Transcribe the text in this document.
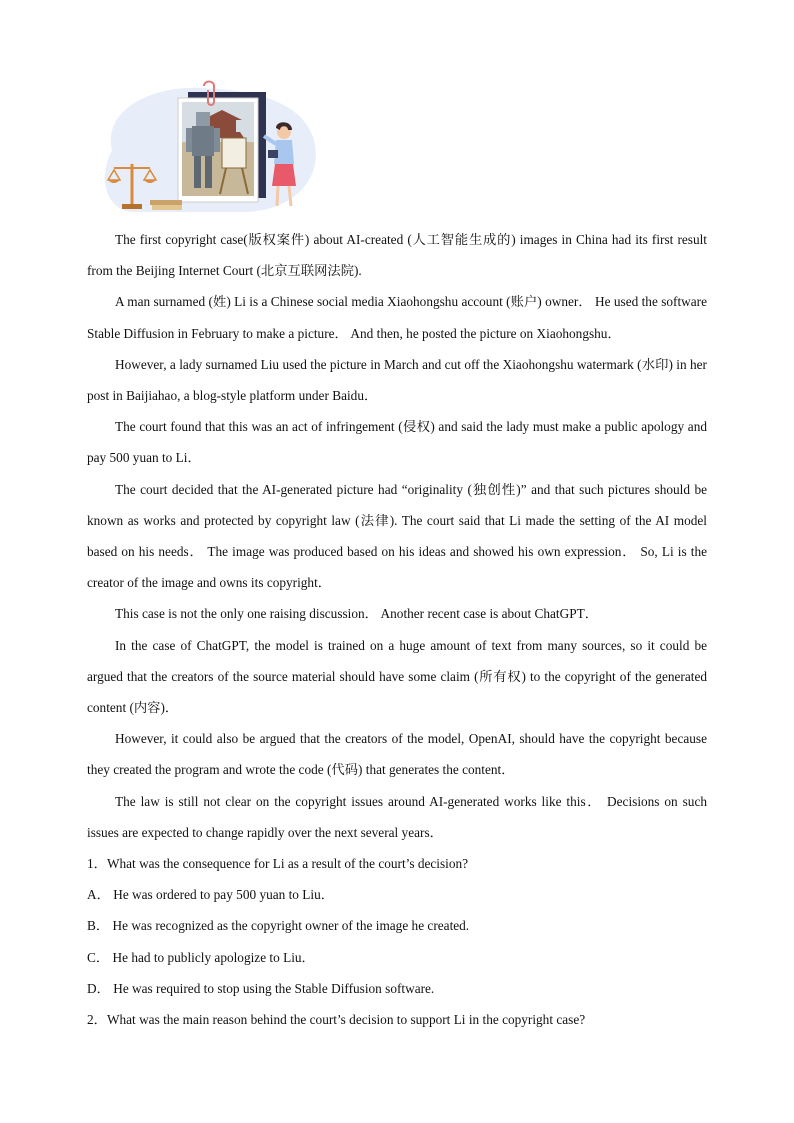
The first copyright case(版权案件) about AI-created (人工智能生成的) images in China had its first result from the Beijing Internet Court (北京互联网法院).

A man surnamed (姓) Li is a Chinese social media Xiaohongshu account (账户) owner． He used the software Stable Diffusion in February to make a picture． And then, he posted the picture on Xiaohongshu．

However, a lady surnamed Liu used the picture in March and cut off the Xiaohongshu watermark (水印) in her post in Baijiahao, a blog-style platform under Baidu．

The court found that this was an act of infringement (侵权) and said the lady must make a public apology and pay 500 yuan to Li．

The court decided that the AI-generated picture had “originality (独创性)” and that such pictures should be known as works and protected by copyright law (法律). The court said that Li made the setting of the AI model based on his needs． The image was produced based on his ideas and showed his own expression． So, Li is the creator of the image and owns its copyright．

This case is not the only one raising discussion． Another recent case is about ChatGPT．

In the case of ChatGPT, the model is trained on a huge amount of text from many sources, so it could be argued that the creators of the source material should have some claim (所有权) to the copyright of the generated content (内容)．

However, it could also be argued that the creators of the model, OpenAI, should have the copyright because they created the program and wrote the code (代码) that generates the content．

The law is still not clear on the copyright issues around AI-generated works like this． Decisions on such issues are expected to change rapidly over the next several years．

1．What was the consequence for Li as a result of the court’s decision?

A． He was ordered to pay 500 yuan to Liu．

B． He was recognized as the copyright owner of the image he created.

C． He had to publicly apologize to Liu．

D． He was required to stop using the Stable Diffusion software.

2．What was the main reason behind the court’s decision to support Li in the copyright case?
